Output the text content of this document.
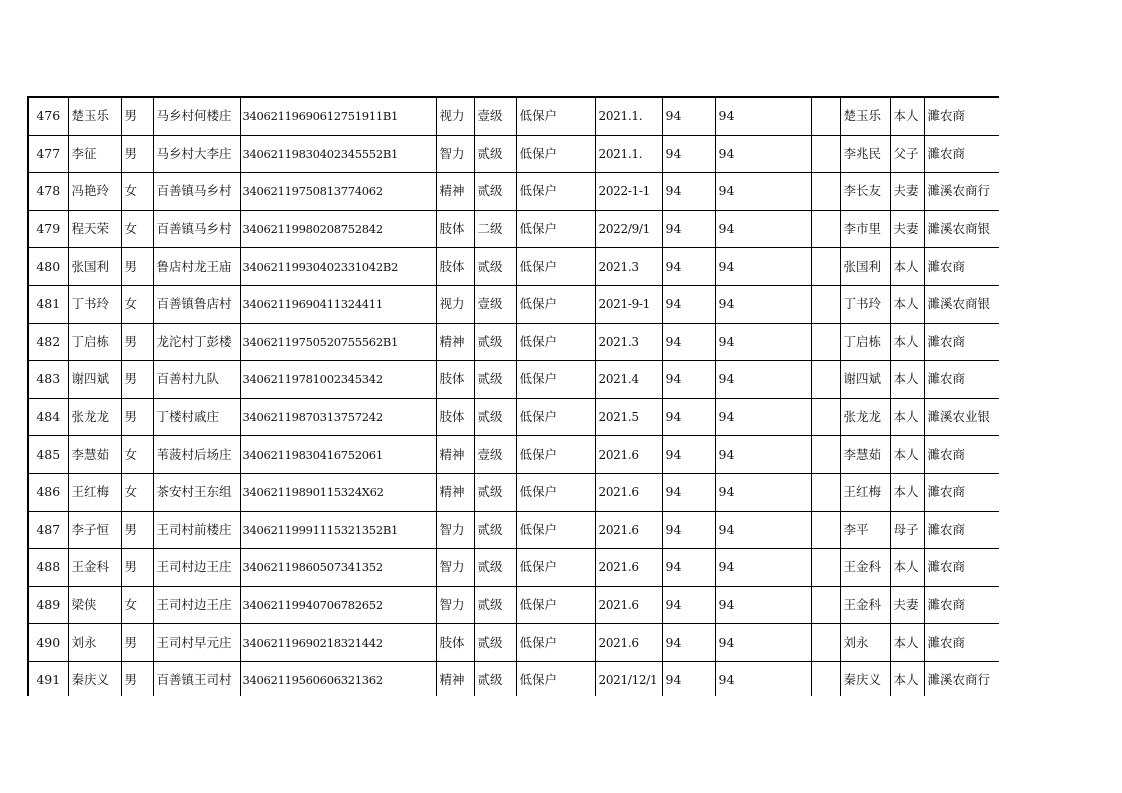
476	楚玉乐	男	马乡村何楼庄	34062119690612751911B1	视力	壹级	低保户	2021.1.	94	94		楚玉乐	本人	濉农商
477	李征	男	马乡村大李庄	34062119830402345552B1	智力	贰级	低保户	2021.1.	94	94		李兆民	父子	濉农商
478	冯艳玲	女	百善镇马乡村	340621197508137740​62	精神	贰级	低保户	2022-1-1	94	94		李长友	夫妻	濉溪农商行
479	程天荣	女	百善镇马乡村	34062119980208752842	肢体	二级	低保户	2022/9/1	94	94		李市里	夫妻	濉溪农商银
480	张国利	男	鲁店村龙王庙	34062119930402331042B2	肢体	贰级	低保户	2021.3	94	94		张国利	本人	濉农商
481	丁书玲	女	百善镇鲁店村	34062119690411324411	视力	壹级	低保户	2021-9-1	94	94		丁书玲	本人	濉溪农商银
482	丁启栋	男	龙沱村丁彭楼	34062119750520755562B1	精神	贰级	低保户	2021.3	94	94		丁启栋	本人	濉农商
483	谢四斌	男	百善村九队	34062119781002345342	肢体	贰级	低保户	2021.4	94	94		谢四斌	本人	濉农商
484	张龙龙	男	丁楼村戚庄	34062119870313757242	肢体	贰级	低保户	2021.5	94	94		张龙龙	本人	濉溪农业银
485	李慧茹	女	苇菠村后场庄	34062119830416752061	精神	壹级	低保户	2021.6	94	94		李慧茹	本人	濉农商
486	王红梅	女	茶安村王东组	3406211989011​5324X62	精神	贰级	低保户	2021.6	94	94		王红梅	本人	濉农商
487	李子恒	男	王司村前楼庄	34062119991115321352B1	智力	贰级	低保户	2021.6	94	94		李平	母子	濉农商
488	王金科	男	王司村边王庄	34062119860507341352	智力	贰级	低保户	2021.6	94	94		王金科	本人	濉农商
489	梁侠	女	王司村边王庄	34062119940706782652	智力	贰级	低保户	2021.6	94	94		王金科	夫妻	濉农商
490	刘永	男	王司村早元庄	34062119690218321442	肢体	贰级	低保户	2021.6	94	94		刘永	本人	濉农商
491	秦庆义	男	百善镇王司村	34062119560606321362	精神	贰级	低保户	2021/12/1	94	94		秦庆义	本人	濉溪农商行
